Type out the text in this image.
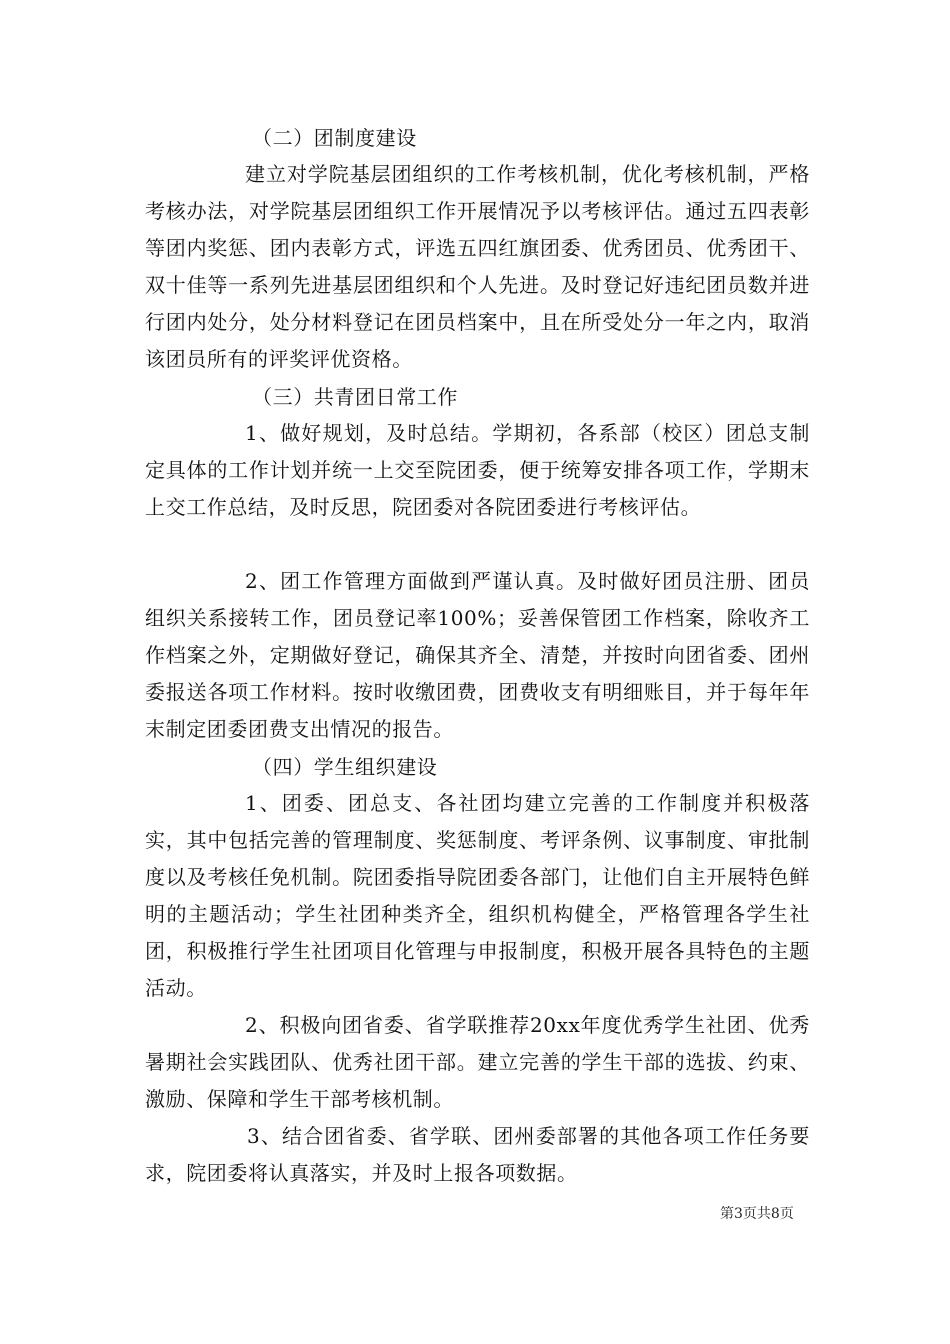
（二）团制度建设

建立对学院基层团组织的工作考核机制，优化考核机制，严格考核办法，对学院基层团组织工作开展情况予以考核评估。通过五四表彰等团内奖惩、团内表彰方式，评选五四红旗团委、优秀团员、优秀团干、双十佳等一系列先进基层团组织和个人先进。及时登记好违纪团员数并进行团内处分，处分材料登记在团员档案中，且在所受处分一年之内，取消该团员所有的评奖评优资格。

（三）共青团日常工作

1、做好规划，及时总结。学期初，各系部（校区）团总支制定具体的工作计划并统一上交至院团委，便于统筹安排各项工作，学期末上交工作总结，及时反思，院团委对各院团委进行考核评估。

2、团工作管理方面做到严谨认真。及时做好团员注册、团员组织关系接转工作，团员登记率100%；妥善保管团工作档案，除收齐工作档案之外，定期做好登记，确保其齐全、清楚，并按时向团省委、团州委报送各项工作材料。按时收缴团费，团费收支有明细账目，并于每年年末制定团委团费支出情况的报告。

（四）学生组织建设

1、团委、团总支、各社团均建立完善的工作制度并积极落实，其中包括完善的管理制度、奖惩制度、考评条例、议事制度、审批制度以及考核任免机制。院团委指导院团委各部门，让他们自主开展特色鲜明的主题活动；学生社团种类齐全，组织机构健全，严格管理各学生社团，积极推行学生社团项目化管理与申报制度，积极开展各具特色的主题活动。

2、积极向团省委、省学联推荐20xx年度优秀学生社团、优秀暑期社会实践团队、优秀社团干部。建立完善的学生干部的选拔、约束、激励、保障和学生干部考核机制。

3、结合团省委、省学联、团州委部署的其他各项工作任务要求，院团委将认真落实，并及时上报各项数据。

第3页共8页
